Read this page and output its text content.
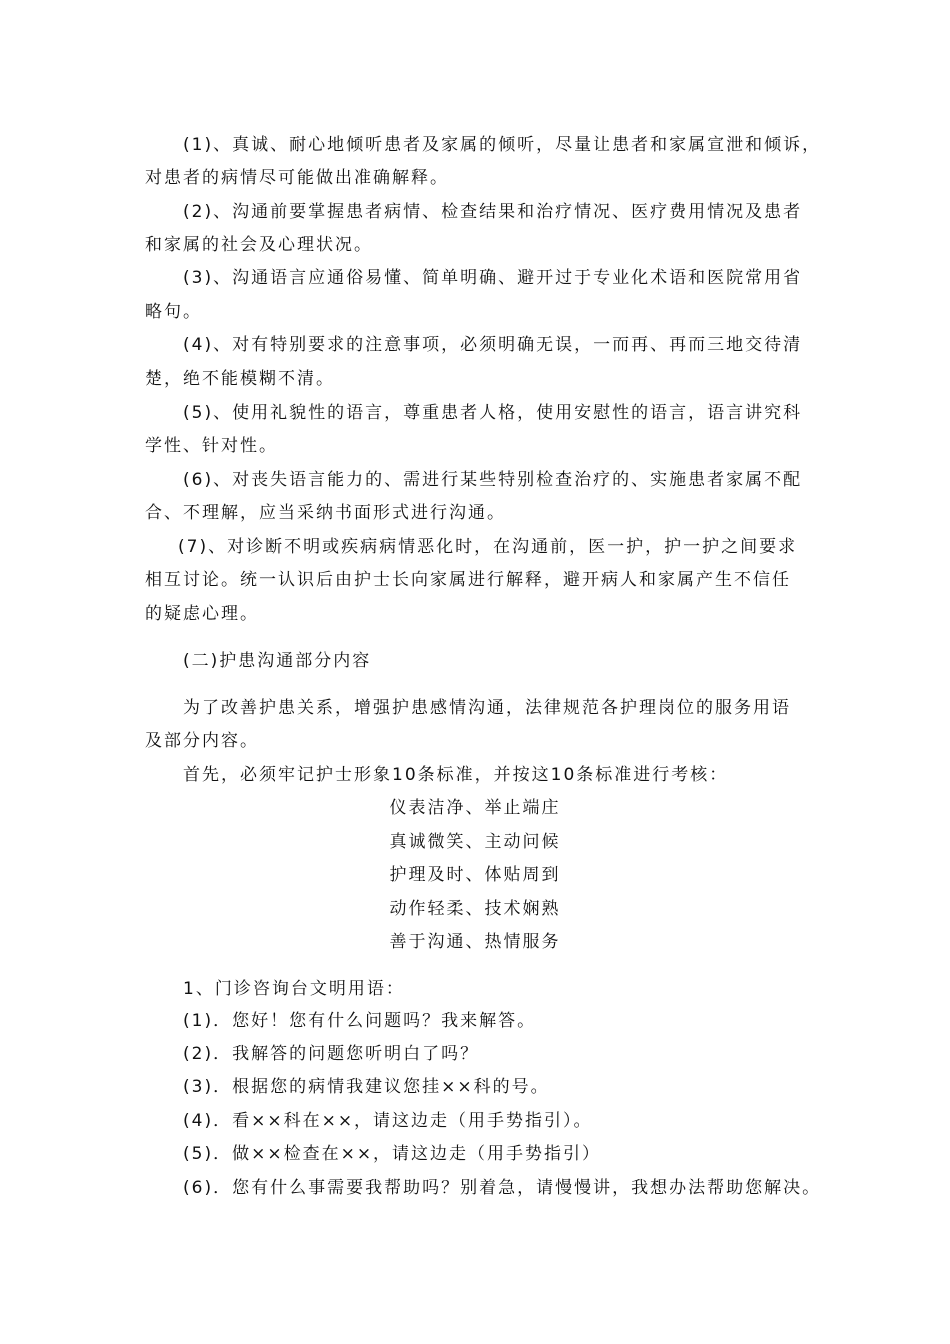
(1)、真诚、耐心地倾听患者及家属的倾听，尽量让患者和家属宣泄和倾诉，

对患者的病情尽可能做出准确解释。

(2)、沟通前要掌握患者病情、检查结果和治疗情况、医疗费用情况及患者

和家属的社会及心理状况。

(3)、沟通语言应通俗易懂、简单明确、避开过于专业化术语和医院常用省

略句。

(4)、对有特别要求的注意事项，必须明确无误，一而再、再而三地交待清

楚，绝不能模糊不清。

(5)、使用礼貌性的语言，尊重患者人格，使用安慰性的语言，语言讲究科

学性、针对性。

(6)、对丧失语言能力的、需进行某些特别检查治疗的、实施患者家属不配

合、不理解，应当采纳书面形式进行沟通。

(7)、对诊断不明或疾病病情恶化时，在沟通前，医一护，护一护之间要求

相互讨论。统一认识后由护士长向家属进行解释，避开病人和家属产生不信任

的疑虑心理。

(二)护患沟通部分内容

为了改善护患关系，增强护患感情沟通，法律规范各护理岗位的服务用语

及部分内容。

首先，必须牢记护士形象10条标准，并按这10条标准进行考核：

仪表洁净、举止端庄

真诚微笑、主动问候

护理及时、体贴周到

动作轻柔、技术娴熟

善于沟通、热情服务

1、门诊咨询台文明用语：

(1)．您好！您有什么问题吗？我来解答。

(2)．我解答的问题您听明白了吗？

(3)．根据您的病情我建议您挂××科的号。

(4)．看××科在××，请这边走（用手势指引）。

(5)．做××检查在××，请这边走（用手势指引）

(6)．您有什么事需要我帮助吗？别着急，请慢慢讲，我想办法帮助您解决。
